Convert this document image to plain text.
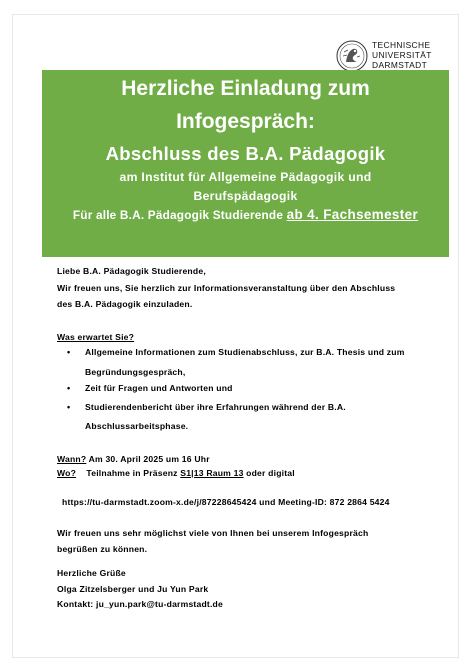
TECHNISCHE
UNIVERSITÄT
DARMSTADT
Herzliche Einladung zum
Infogespräch:
Abschluss des B.A. Pädagogik
am Institut für Allgemeine Pädagogik und
Berufspädagogik
Für alle B.A. Pädagogik Studierende ab 4. Fachsemester
Liebe B.A. Pädagogik Studierende,
Wir freuen uns, Sie herzlich zur Informationsveranstaltung über den Abschluss
des B.A. Pädagogik einzuladen.
Was erwartet Sie?
• Allgemeine Informationen zum Studienabschluss, zur B.A. Thesis und zum
Begründungsgespräch,
• Zeit für Fragen und Antworten und
• Studierendenbericht über ihre Erfahrungen während der B.A.
Abschlussarbeitsphase.
Wann? Am 30. April 2025 um 16 Uhr
Wo? Teilnahme in Präsenz S1|13 Raum 13 oder digital
https://tu-darmstadt.zoom-x.de/j/87228645424 und Meeting-ID: 872 2864 5424
Wir freuen uns sehr möglichst viele von Ihnen bei unserem Infogespräch
begrüßen zu können.
Herzliche Grüße
Olga Zitzelsberger und Ju Yun Park
Kontakt: ju_yun.park@tu-darmstadt.de
